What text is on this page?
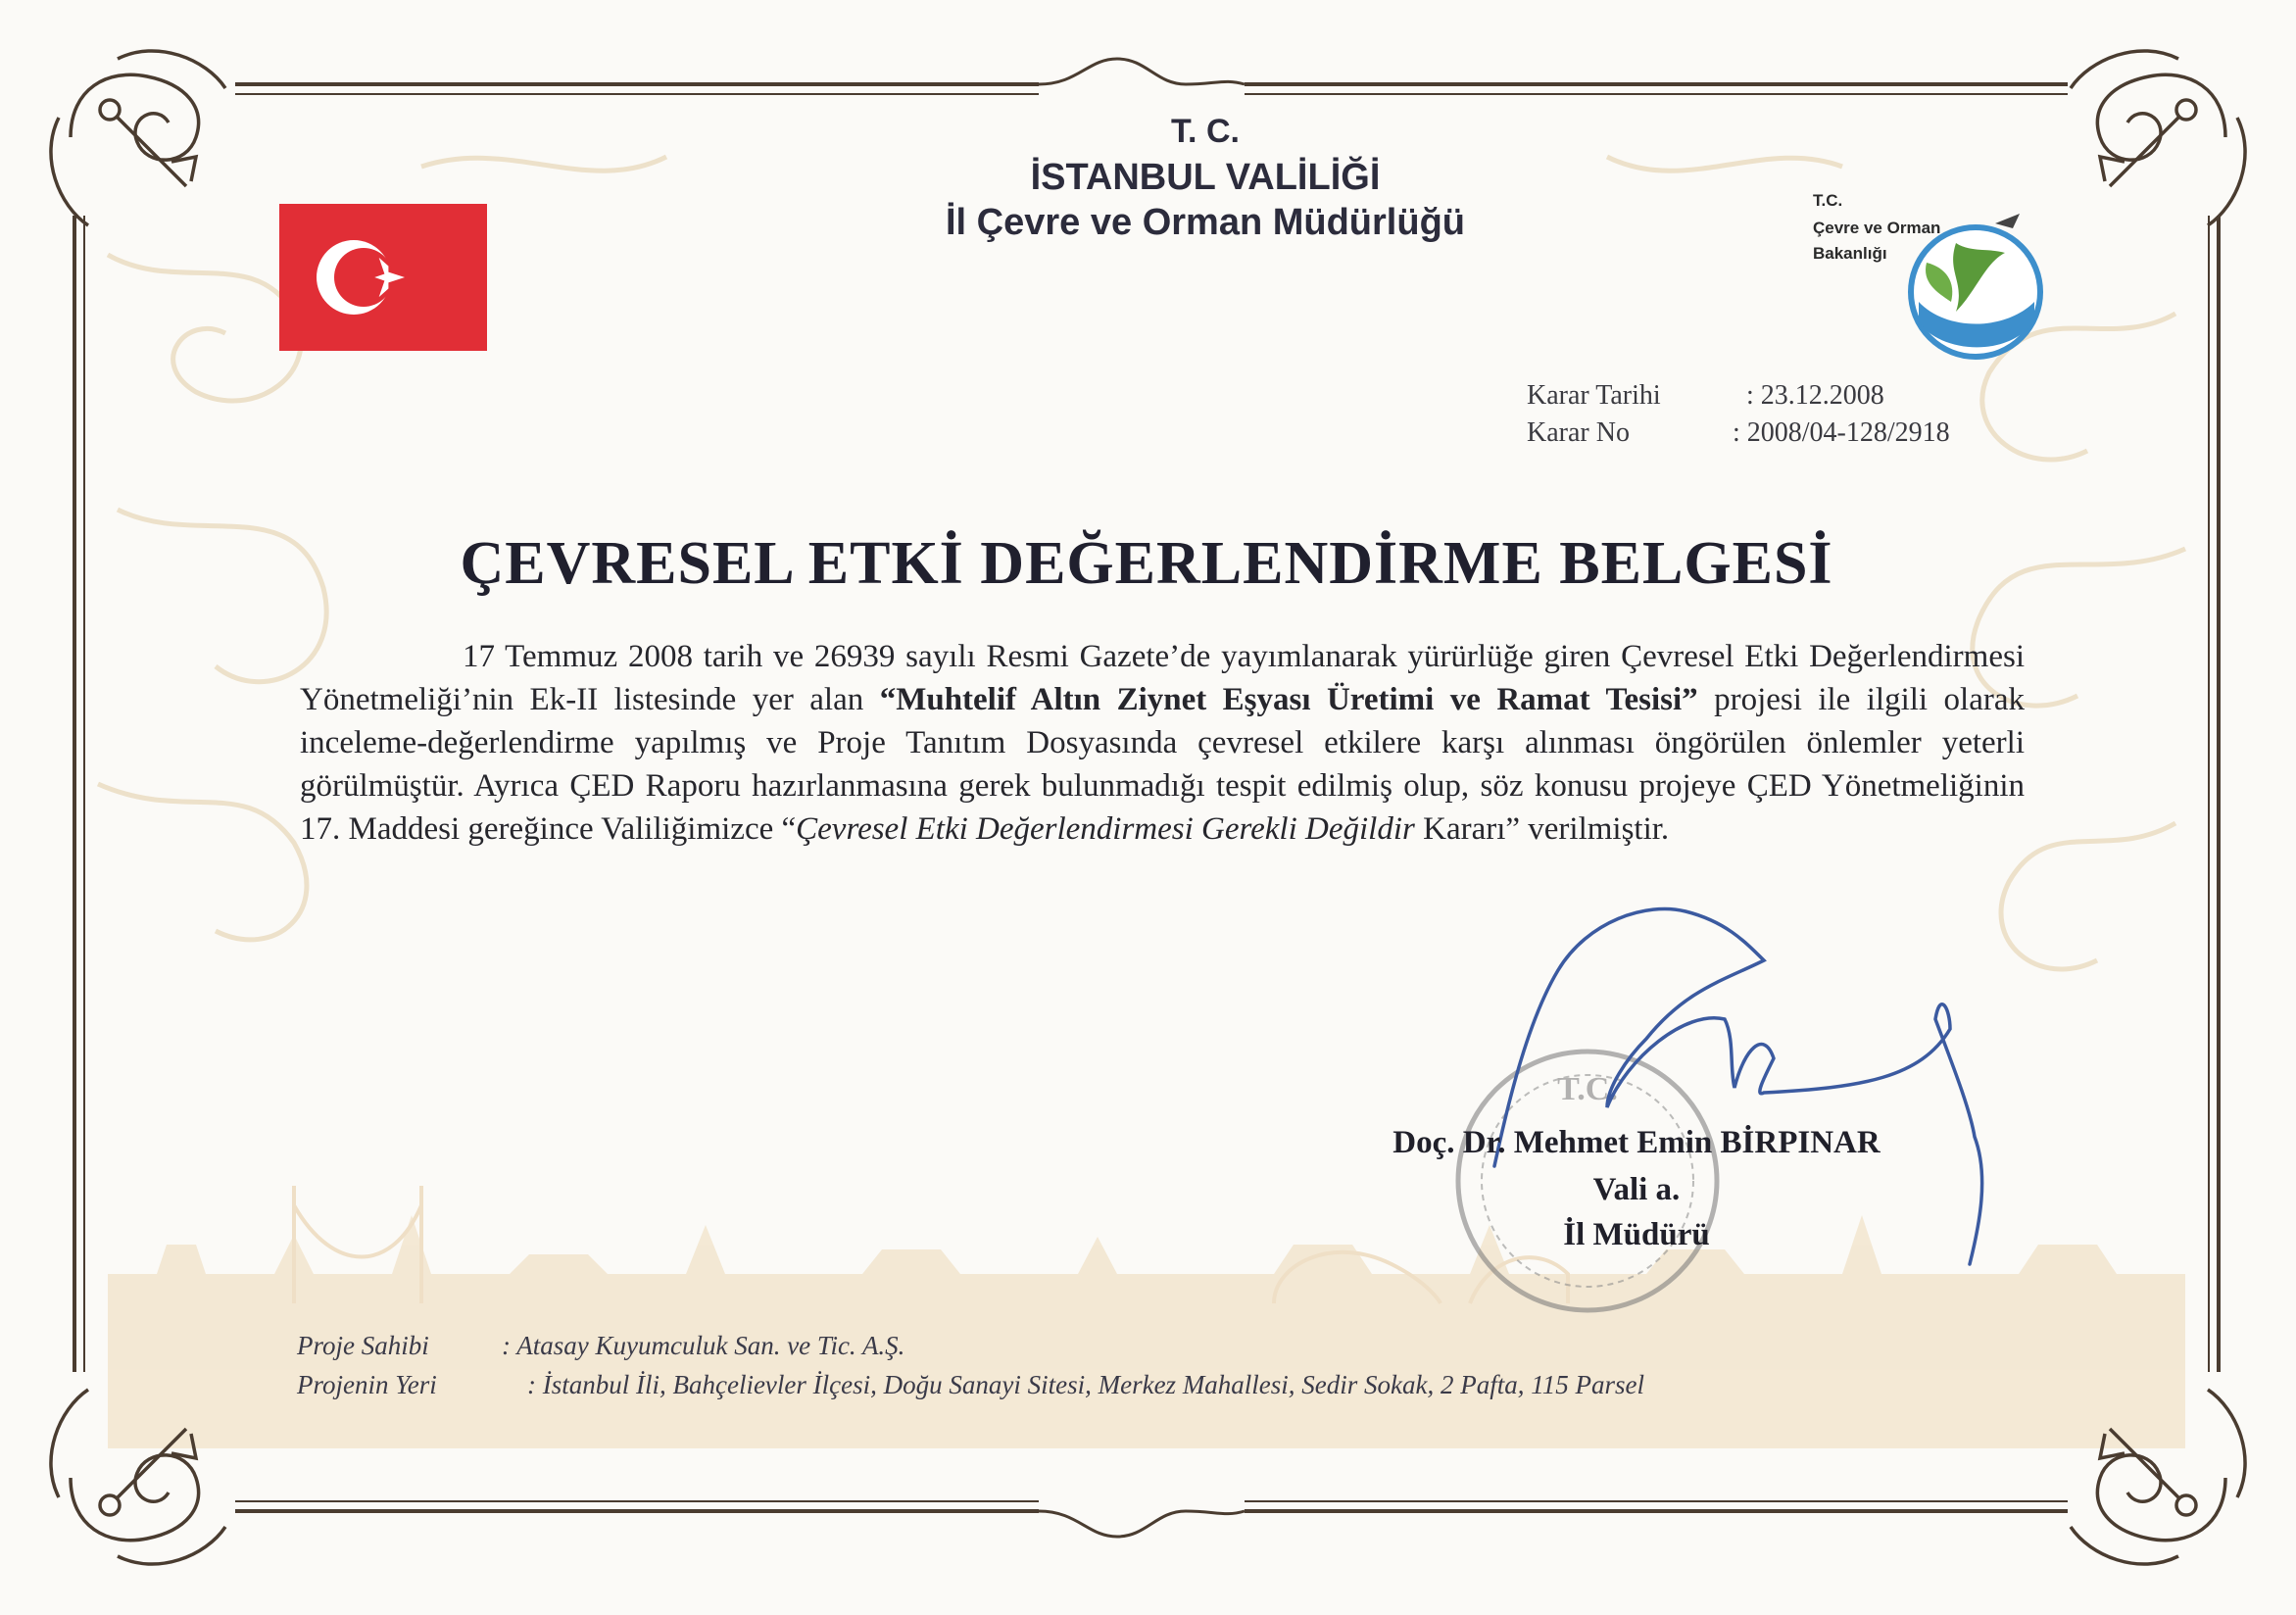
T. C.
İSTANBUL VALİLİĞİ
İl Çevre ve Orman Müdürlüğü
T.C.
Çevre ve Orman
Bakanlığı
Karar Tarihi	: 23.12.2008
Karar No	: 2008/04-128/2918
ÇEVRESEL ETKİ DEĞERLENDİRME BELGESİ

17 Temmuz 2008 tarih ve 26939 sayılı Resmi Gazete’de yayımlanarak yürürlüğe giren Çevresel Etki Değerlendirmesi Yönetmeliği’nin Ek-II listesinde yer alan “Muhtelif Altın Ziynet Eşyası Üretimi ve Ramat Tesisi” projesi ile ilgili olarak inceleme-değerlendirme yapılmış ve Proje Tanıtım Dosyasında çevresel etkilere karşı alınması öngörülen önlemler yeterli görülmüştür. Ayrıca ÇED Raporu hazırlanmasına gerek bulunmadığı tespit edilmiş olup, söz konusu projeye ÇED Yönetmeliğinin 17. Maddesi gereğince Valiliğimizce “Çevresel Etki Değerlendirmesi Gerekli Değildir Kararı” verilmiştir.

T.C.
Doç. Dr. Mehmet Emin BİRPINAR
Vali a.
İl Müdürü
Proje Sahibi	: Atasay Kuyumculuk San. ve Tic. A.Ş.
Projenin Yeri	: İstanbul İli, Bahçelievler İlçesi, Doğu Sanayi Sitesi, Merkez Mahallesi, Sedir Sokak, 2 Pafta, 115 Parsel
